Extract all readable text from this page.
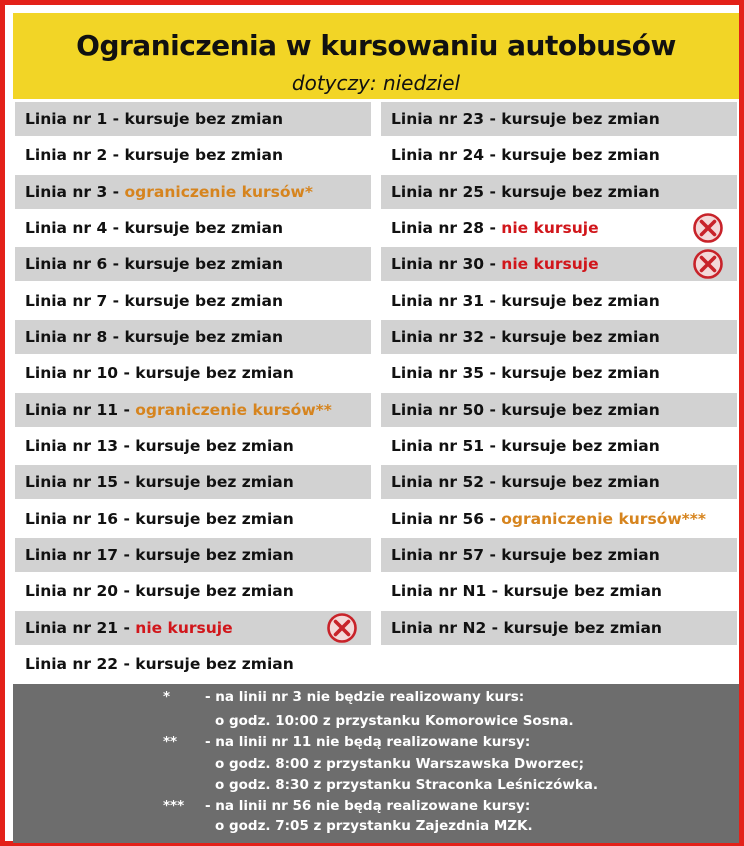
Ograniczenia w kursowaniu autobusów
dotyczy: niedziel
Linia nr 1 - kursuje bez zmian
Linia nr 2 - kursuje bez zmian
Linia nr 3 - ograniczenie kursów*
Linia nr 4 - kursuje bez zmian
Linia nr 6 - kursuje bez zmian
Linia nr 7 - kursuje bez zmian
Linia nr 8 - kursuje bez zmian
Linia nr 10 - kursuje bez zmian
Linia nr 11 - ograniczenie kursów**
Linia nr 13 - kursuje bez zmian
Linia nr 15 - kursuje bez zmian
Linia nr 16 - kursuje bez zmian
Linia nr 17 - kursuje bez zmian
Linia nr 20 - kursuje bez zmian
Linia nr 21 - nie kursuje
Linia nr 22 - kursuje bez zmian
Linia nr 23 - kursuje bez zmian
Linia nr 24 - kursuje bez zmian
Linia nr 25 - kursuje bez zmian
Linia nr 28 - nie kursuje
Linia nr 30 - nie kursuje
Linia nr 31 - kursuje bez zmian
Linia nr 32 - kursuje bez zmian
Linia nr 35 - kursuje bez zmian
Linia nr 50 - kursuje bez zmian
Linia nr 51 - kursuje bez zmian
Linia nr 52 - kursuje bez zmian
Linia nr 56 - ograniczenie kursów***
Linia nr 57 - kursuje bez zmian
Linia nr N1 - kursuje bez zmian
Linia nr N2 - kursuje bez zmian
*	- na linii nr 3 nie będzie realizowany kurs:
o godz. 10:00 z przystanku Komorowice Sosna.
** - na linii nr 11 nie będą realizowane kursy:
o godz. 8:00 z przystanku Warszawska Dworzec;
o godz. 8:30 z przystanku Straconka Leśniczówka.
*** - na linii nr 56 nie będą realizowane kursy:
o godz. 7:05 z przystanku Zajezdnia MZK.
